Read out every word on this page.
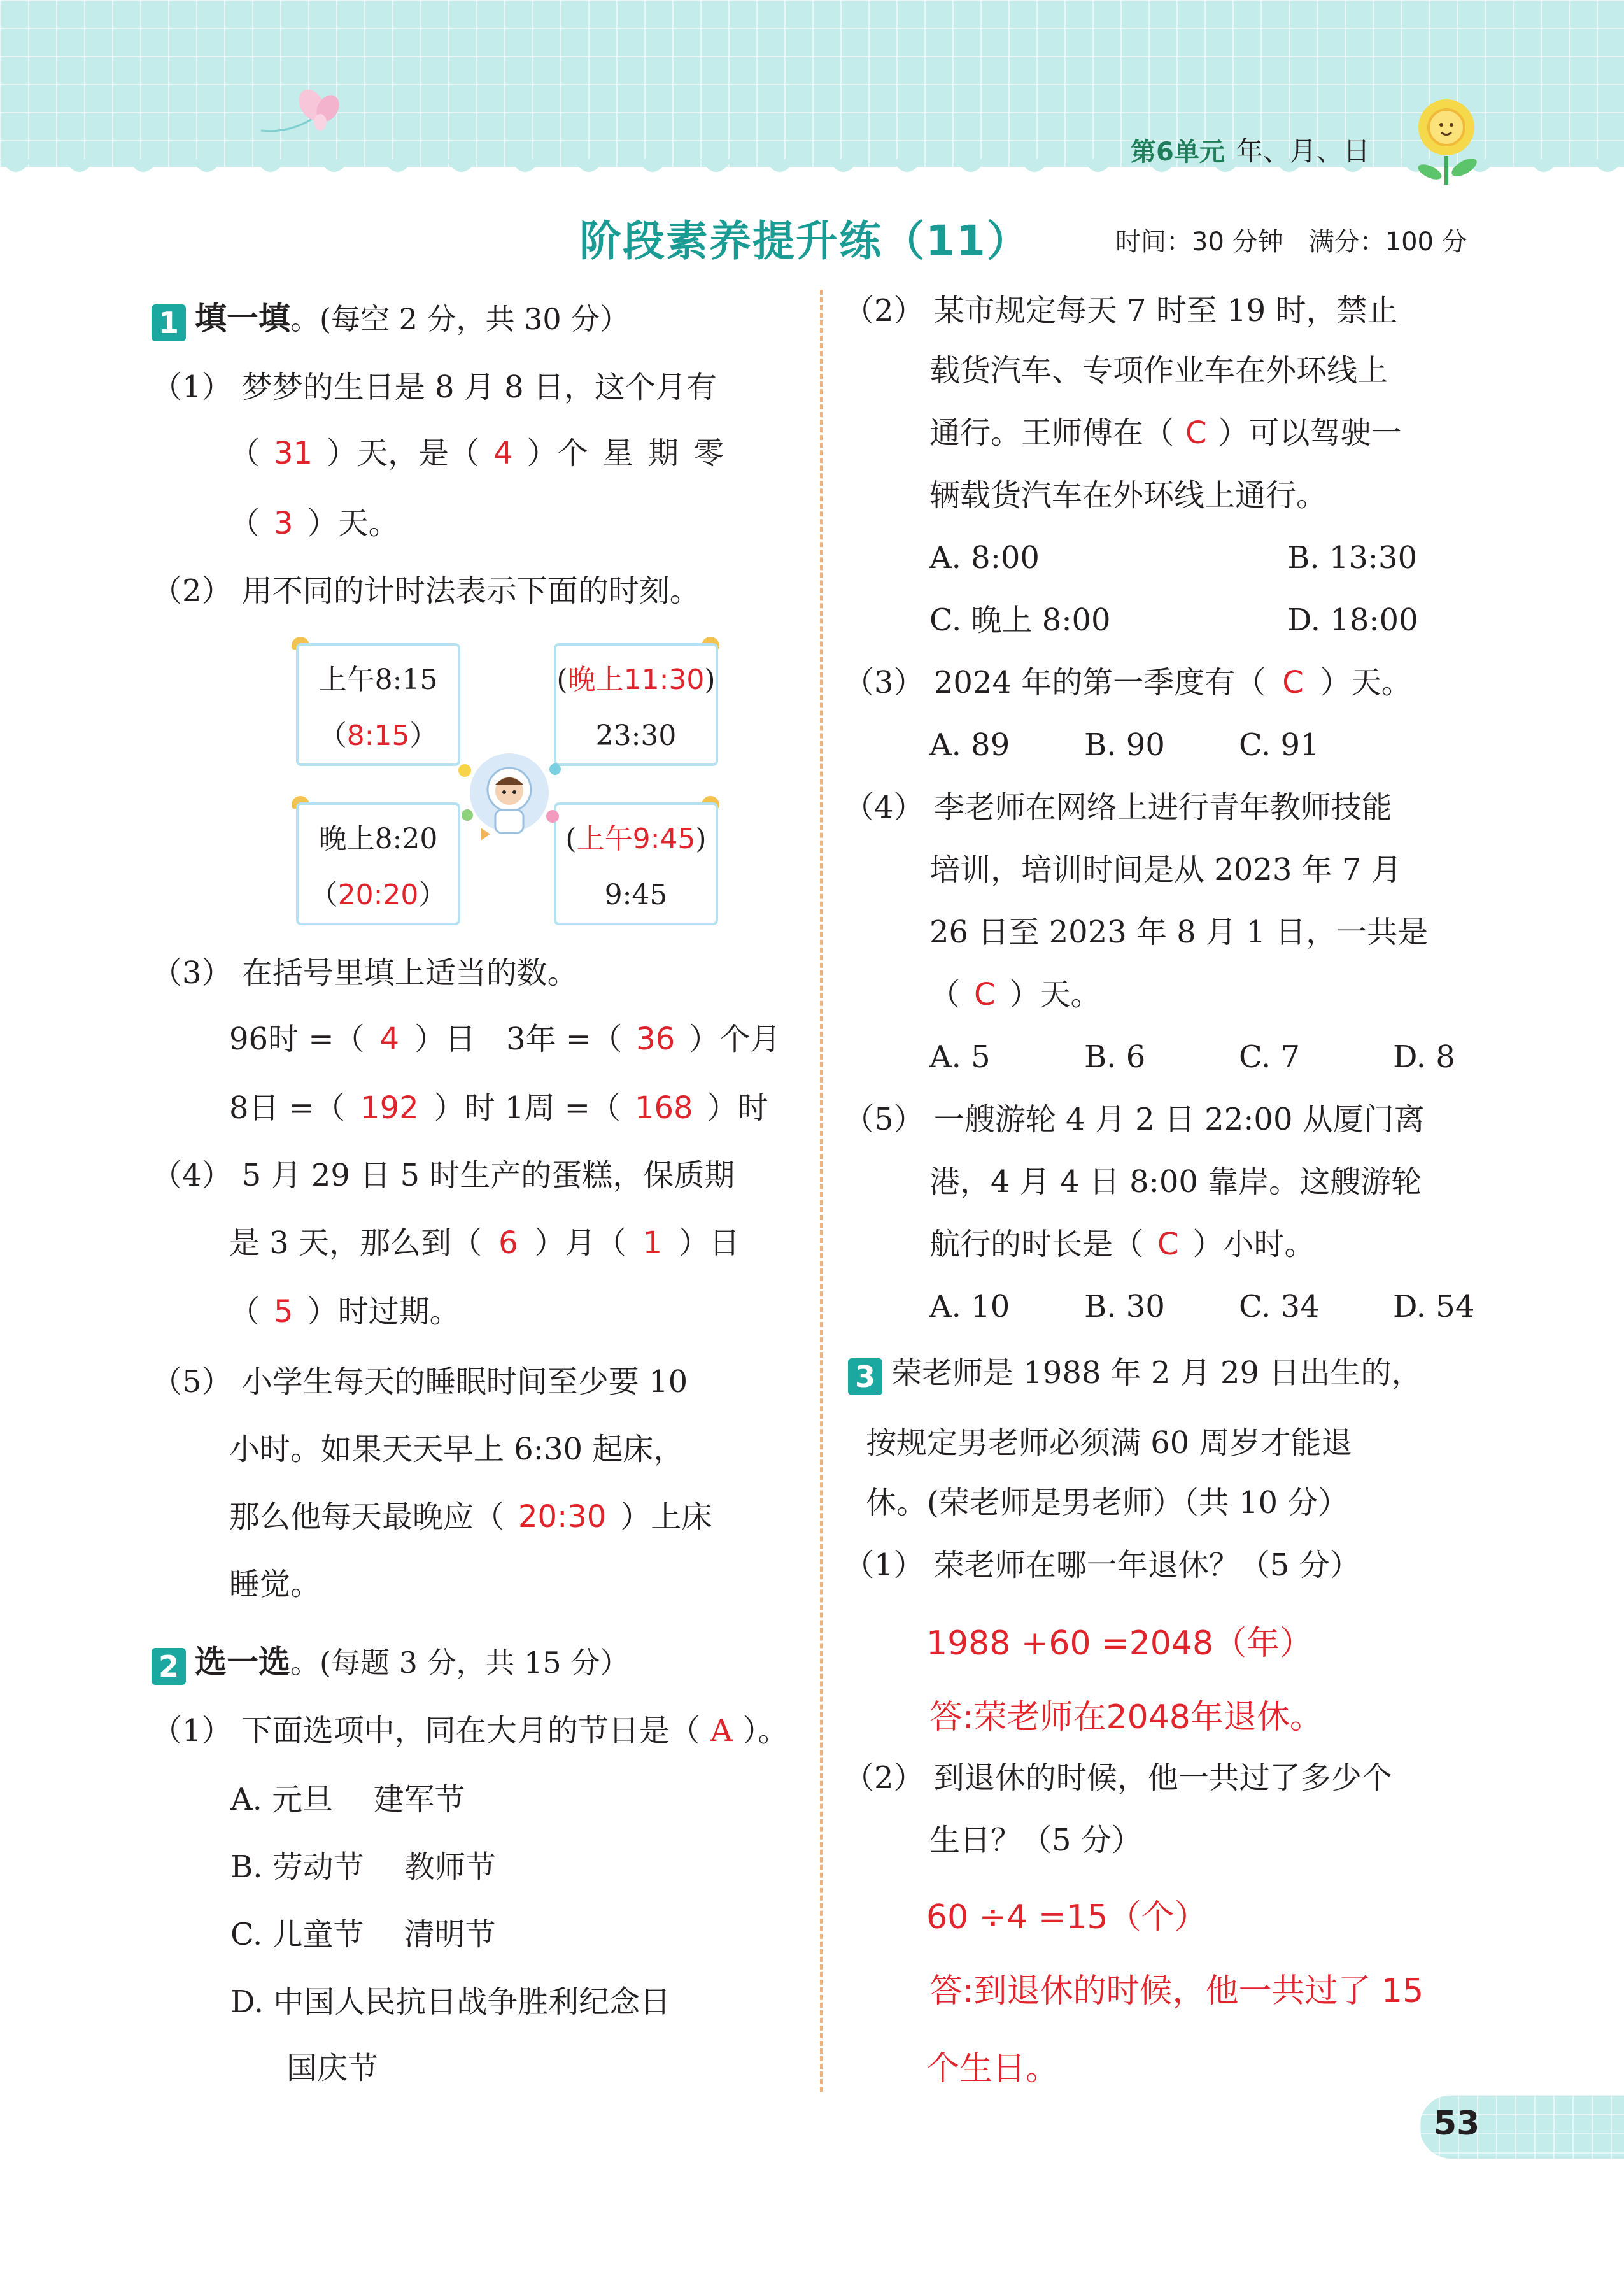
第6单元 年、月、日
阶段素养提升练（11）	时间：30 分钟 满分：100 分
1 填一填。(每空 2 分，共 30 分）
（1） 梦梦的生日是 8 月 8 日，这个月有
（ 31 ）天，是（ 4 ）个 星 期 零
（ 3 ）天。
（2） 用不同的计时法表示下面的时刻。
上午8:15
（8:15）
(晚上11:30)
23:30
晚上8:20
（20:20）
(上午9:45)
9:45
（3） 在括号里填上适当的数。
96时 =（ 4 ）日　3年 =（ 36 ）个月
8日 =（ 192 ）时 1周 =（ 168 ）时
（4） 5 月 29 日 5 时生产的蛋糕，保质期
是 3 天，那么到（ 6 ）月（ 1 ）日
（ 5 ）时过期。
（5） 小学生每天的睡眠时间至少要 10
小时。如果天天早上 6:30 起床，
那么他每天最晚应（ 20:30 ）上床
睡觉。
2 选一选。(每题 3 分，共 15 分）
（1） 下面选项中，同在大月的节日是（ A ）。
A. 元旦　 建军节
B. 劳动节　 教师节
C. 儿童节　 清明节
D. 中国人民抗日战争胜利纪念日
国庆节
（2） 某市规定每天 7 时至 19 时，禁止
载货汽车、专项作业车在外环线上
通行。王师傅在（ C ）可以驾驶一
辆载货汽车在外环线上通行。
A. 8:00	B. 13:30
C. 晚上 8:00	D. 18:00
（3） 2024 年的第一季度有（ C ）天。
A. 89 B. 90 C. 91
（4） 李老师在网络上进行青年教师技能
培训，培训时间是从 2023 年 7 月
26 日至 2023 年 8 月 1 日，一共是
（ C ）天。
A. 5	B. 6	C. 7	D. 8
（5） 一艘游轮 4 月 2 日 22:00 从厦门离
港，4 月 4 日 8:00 靠岸。这艘游轮
航行的时长是（ C ）小时。
A. 10 B. 30 C. 34 D. 54
3 荣老师是 1988 年 2 月 29 日出生的，
按规定男老师必须满 60 周岁才能退
休。(荣老师是男老师）（共 10 分）
（1） 荣老师在哪一年退休？（5 分）
1988 +60 =2048（年）
答:荣老师在2048年退休。
（2） 到退休的时候，他一共过了多少个
生日？（5 分）
60 ÷4 =15（个）
答:到退休的时候，他一共过了 15
个生日。
53
